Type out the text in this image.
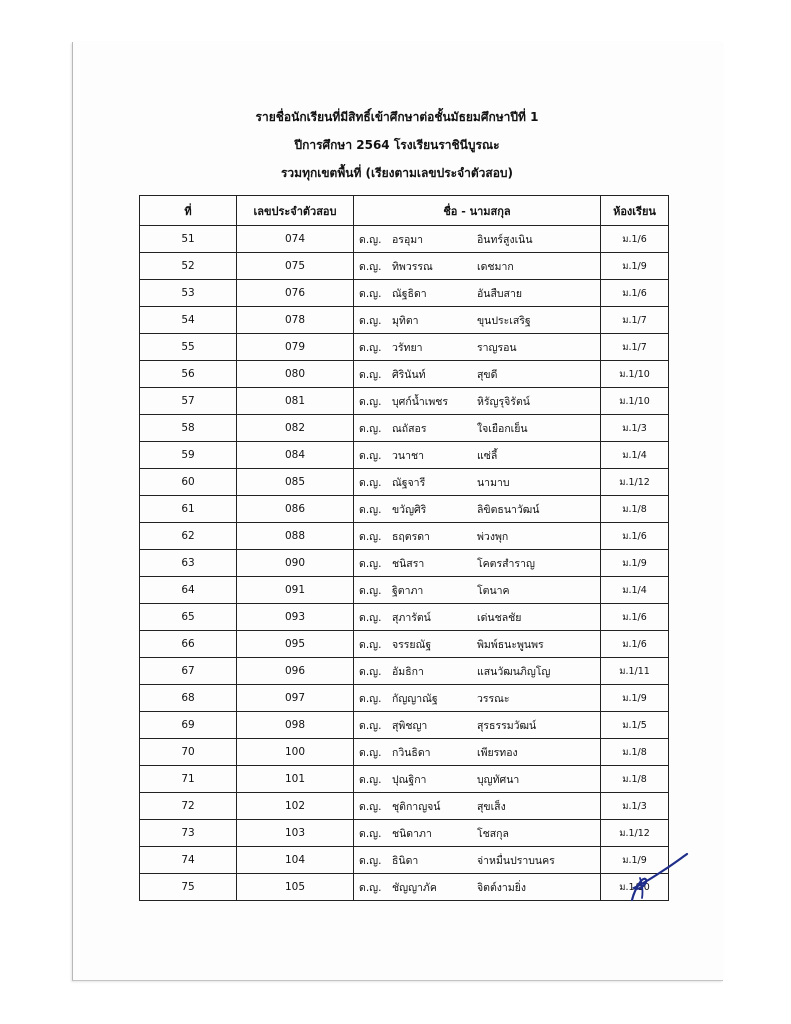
รายชื่อนักเรียนที่มีสิทธิ์เข้าศึกษาต่อชั้นมัธยมศึกษาปีที่ 1

ปีการศึกษา 2564 โรงเรียนราชินีบูรณะ

รวมทุกเขตพื้นที่ (เรียงตามเลขประจำตัวสอบ)

ที่	เลขประจำตัวสอบ	ชื่อ - นามสกุล	ห้องเรียน
51	074	ด.ญ. อรอุมา อินทร์สูงเนิน	ม.1/6
52	075	ด.ญ. ทิพวรรณ เดชมาก	ม.1/9
53	076	ด.ญ. ณัฐธิดา อันสืบสาย	ม.1/6
54	078	ด.ญ. มุทิตา ขุนประเสริฐ	ม.1/7
55	079	ด.ญ. วรัทยา ราญรอน	ม.1/7
56	080	ด.ญ. ศิรินันท์ สุขดี	ม.1/10
57	081	ด.ญ. บุศก์น้ำเพชร หิรัญรุจิรัตน์	ม.1/10
58	082	ด.ญ. ณถัสอร ใจเยือกเย็น	ม.1/3
59	084	ด.ญ. วนาชา แซ่ลี้	ม.1/4
60	085	ด.ญ. ณัฐจารี นามาบ	ม.1/12
61	086	ด.ญ. ขวัญศิริ ลิขิตธนาวัฒน์	ม.1/8
62	088	ด.ญ. ธฤตรดา พ่วงพุก	ม.1/6
63	090	ด.ญ. ชนิสรา โคตรสำราญ	ม.1/9
64	091	ด.ญ. ฐิตาภา โตนาค	ม.1/4
65	093	ด.ญ. สุภารัตน์ เด่นชลชัย	ม.1/6
66	095	ด.ญ. จรรยณัฐ พิมพ์ธนะพูนพร	ม.1/6
67	096	ด.ญ. อัมธิกา แสนวัฒนภิญโญ	ม.1/11
68	097	ด.ญ. กัญญาณัฐ วรรณะ	ม.1/9
69	098	ด.ญ. สุพิชญา สุรธรรมวัฒน์	ม.1/5
70	100	ด.ญ. กวินธิดา เพียรทอง	ม.1/8
71	101	ด.ญ. ปุณฐิกา บุญทัศนา	ม.1/8
72	102	ด.ญ. ชุติกาญจน์ สุขเส็ง	ม.1/3
73	103	ด.ญ. ชนิดาภา โชสกุล	ม.1/12
74	104	ด.ญ. ธินิดา จ่าหมื่นปราบนคร	ม.1/9
75	105	ด.ญ. ชัญญาภัค จิตต์งามยิ่ง	ม.1/10
